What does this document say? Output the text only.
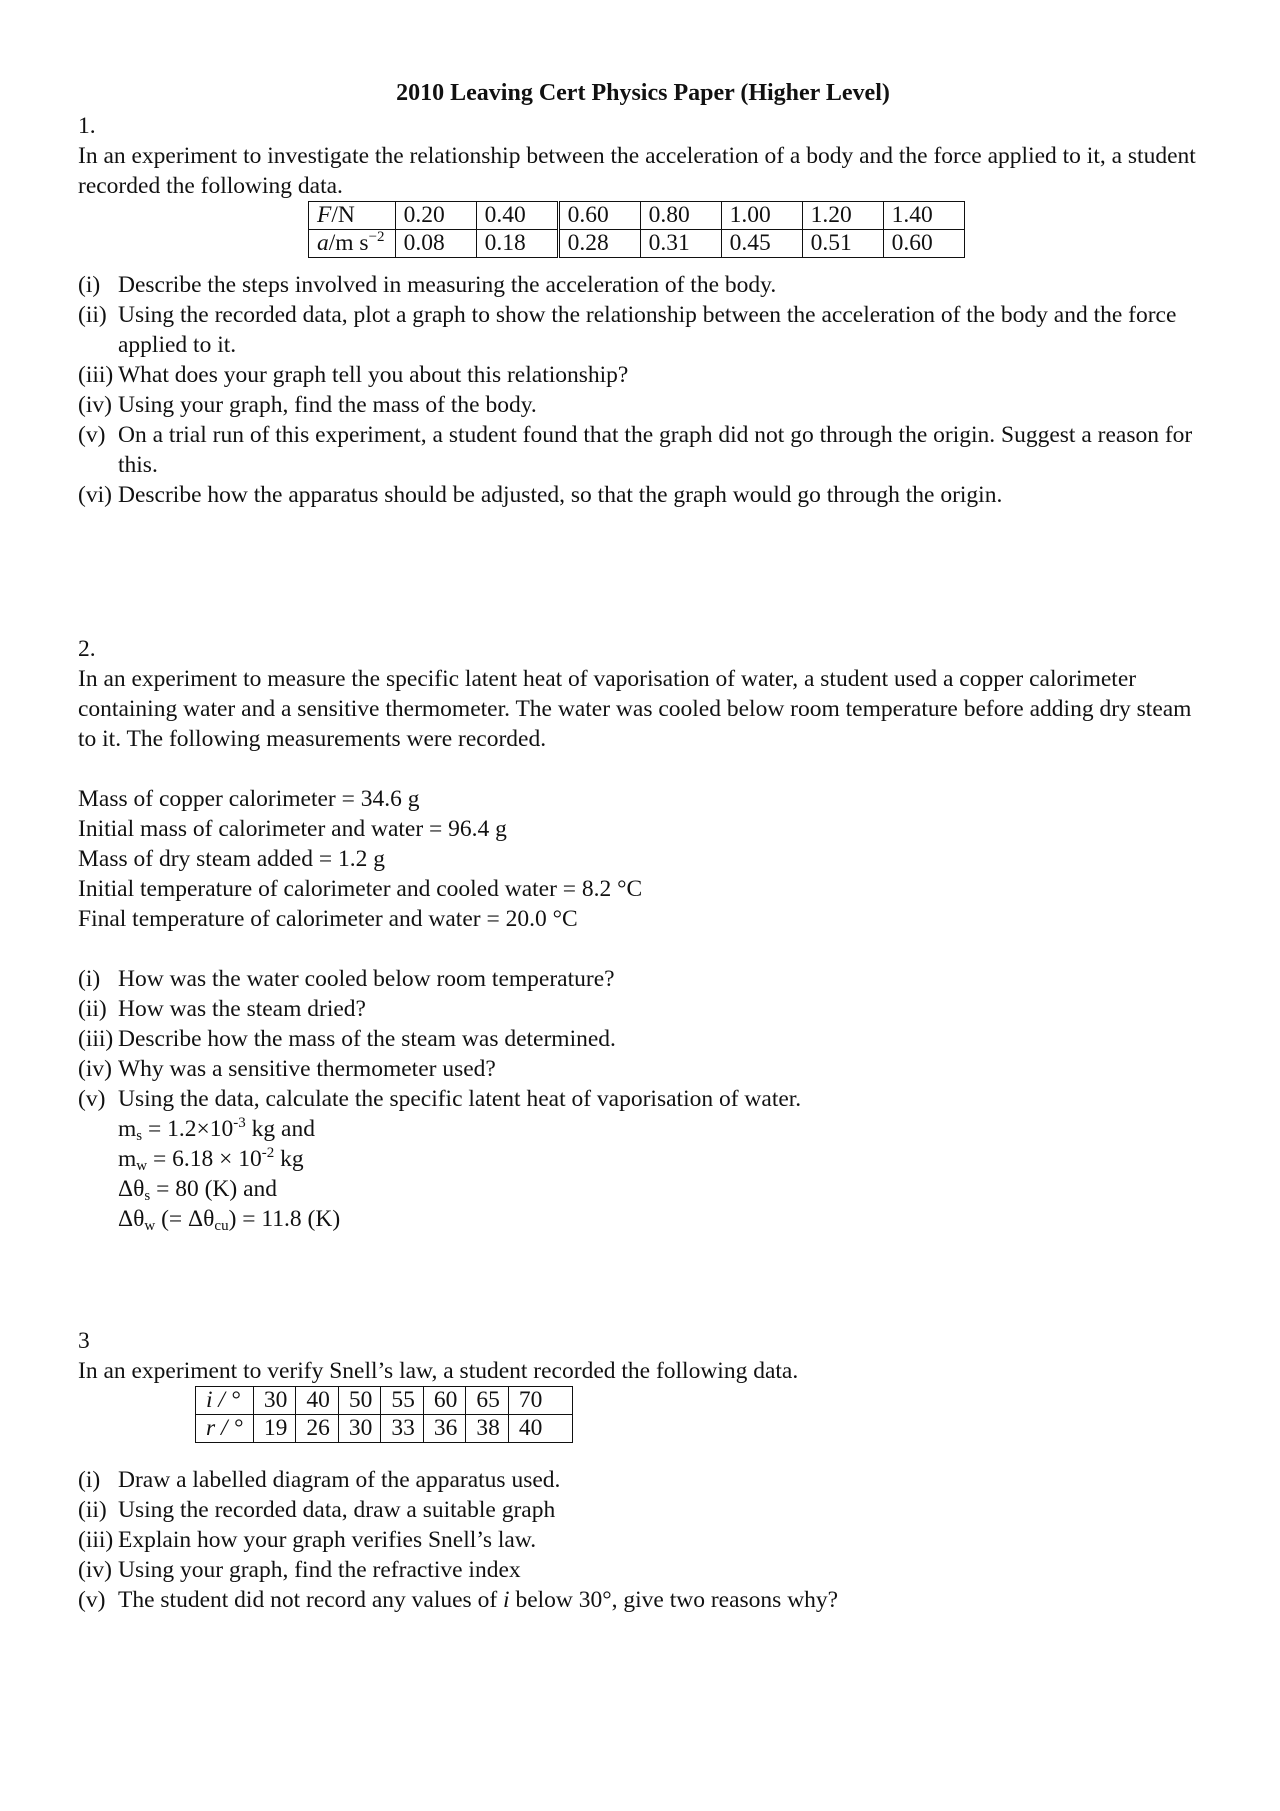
2010 Leaving Cert Physics Paper (Higher Level)

1.

In an experiment to investigate the relationship between the acceleration of a body and the force applied to it, a student recorded the following data.

F/N	0.20	0.40	0.60	0.80	1.00	1.20	1.40
a/m $s^{-2}$	0.08	0.18	0.28	0.31	0.45	0.51	0.60
(i) Describe the steps involved in measuring the acceleration of the body.
(ii) Using the recorded data, plot a graph to show the relationship between the acceleration of the body and the force applied to it.
(iii) What does your graph tell you about this relationship?
(iv) Using your graph, find the mass of the body.
(v) On a trial run of this experiment, a student found that the graph did not go through the origin. Suggest a reason for this.
(vi) Describe how the apparatus should be adjusted, so that the graph would go through the origin.

2.

In an experiment to measure the specific latent heat of vaporisation of water, a student used a copper calorimeter containing water and a sensitive thermometer. The water was cooled below room temperature before adding dry steam to it. The following measurements were recorded.

Mass of copper calorimeter = 34.6 g

Initial mass of calorimeter and water = 96.4 g

Mass of dry steam added = 1.2 g

Initial temperature of calorimeter and cooled water = 8.2 °C

Final temperature of calorimeter and water = 20.0 °C

(i) How was the water cooled below room temperature?
(ii) How was the steam dried?
(iii) Describe how the mass of the steam was determined.
(iv) Why was a sensitive thermometer used?
(v) Using the data, calculate the specific latent heat of vaporisation of water.

$m_s = 1.2\times 10^{-3}$ kg and

$m_w = 6.18 \times 10^{-2}$ kg

$\Delta\theta_s = 80$ (K) and

$\Delta\theta_w$ (= $\Delta\theta_{cu}) = 11.8$ (K)

3

In an experiment to verify Snell’s law, a student recorded the following data.

i / °	30	40	50	55	60	65	70
r / °	19	26	30	33	36	38	40
(i) Draw a labelled diagram of the apparatus used.
(ii) Using the recorded data, draw a suitable graph
(iii) Explain how your graph verifies Snell’s law.
(iv) Using your graph, find the refractive index
(v) The student did not record any values of i below 30°, give two reasons why?
